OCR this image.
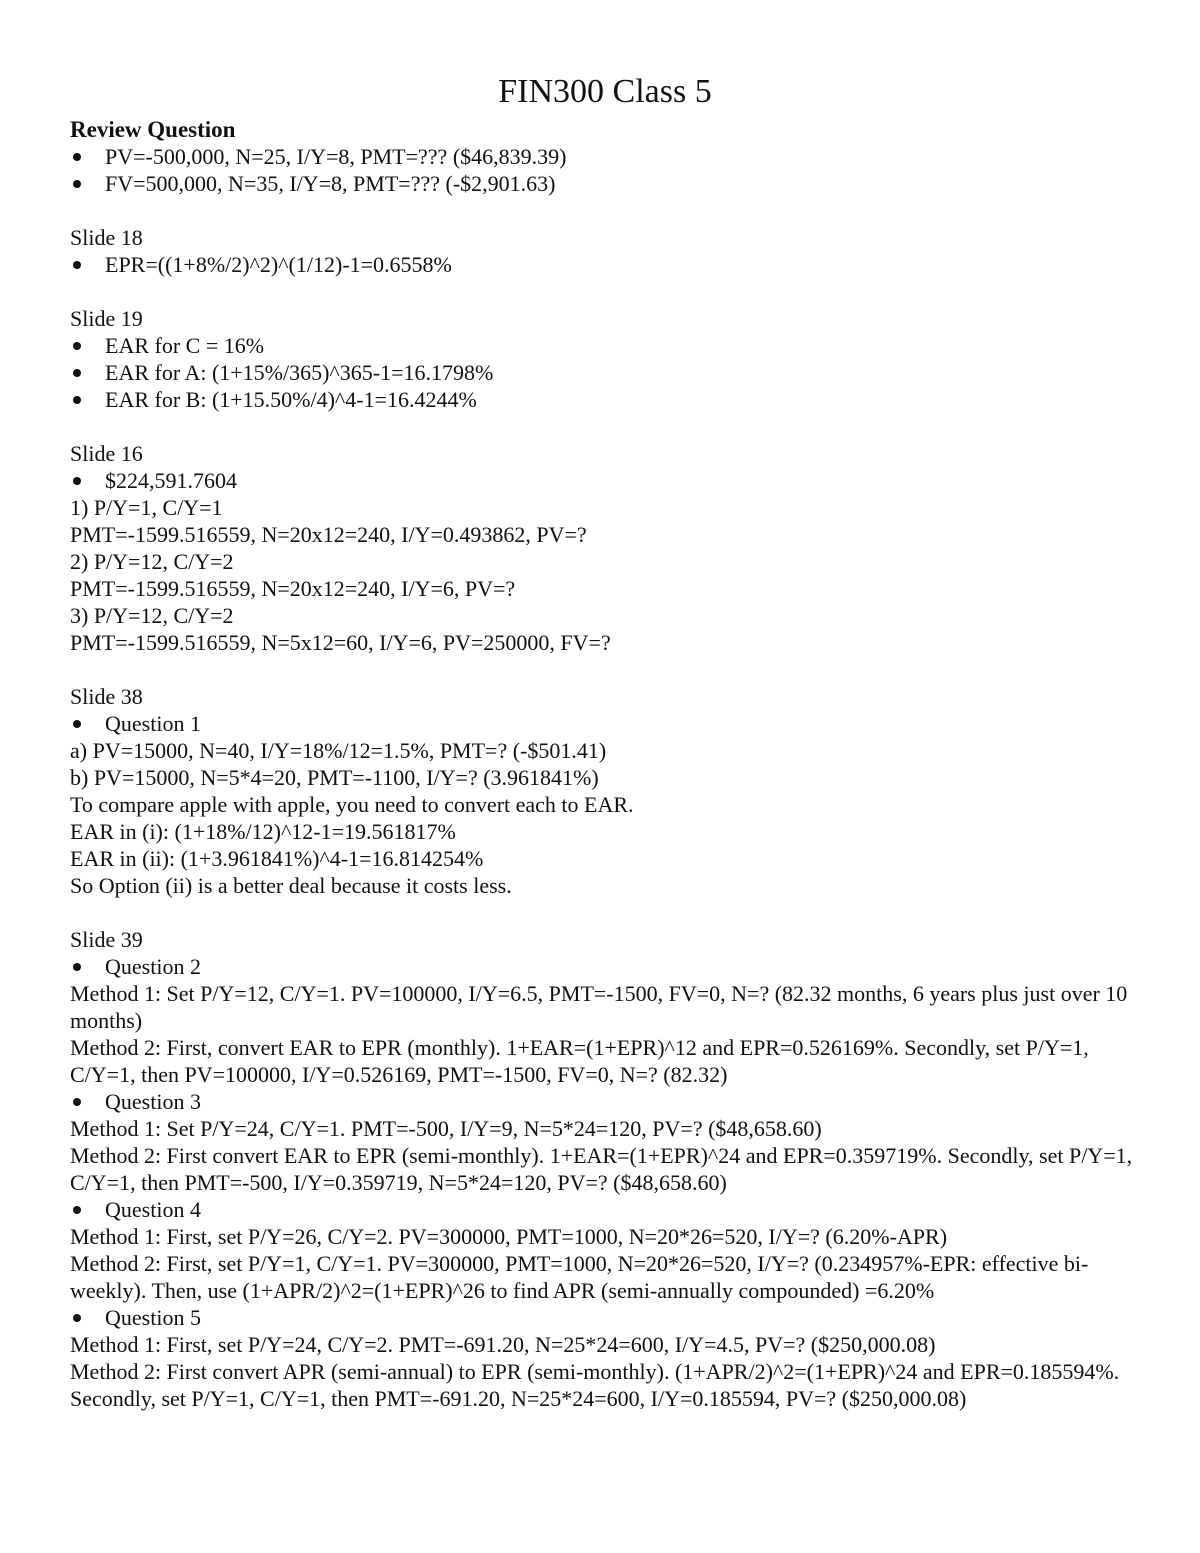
FIN300 Class 5

Review Question

PV=-500,000, N=25, I/Y=8, PMT=??? ($46,839.39)

FV=500,000, N=35, I/Y=8, PMT=??? (-$2,901.63)

Slide 18

EPR=((1+8%/2)^2)^(1/12)-1=0.6558%

Slide 19

EAR for C = 16%

EAR for A: (1+15%/365)^365-1=16.1798%

EAR for B: (1+15.50%/4)^4-1=16.4244%

Slide 16

$224,591.7604

1) P/Y=1, C/Y=1

PMT=-1599.516559, N=20x12=240, I/Y=0.493862, PV=?

2) P/Y=12, C/Y=2

PMT=-1599.516559, N=20x12=240, I/Y=6, PV=?

3) P/Y=12, C/Y=2

PMT=-1599.516559, N=5x12=60, I/Y=6, PV=250000, FV=?

Slide 38

Question 1

a) PV=15000, N=40, I/Y=18%/12=1.5%, PMT=? (-$501.41)

b) PV=15000, N=5*4=20, PMT=-1100, I/Y=? (3.961841%)

To compare apple with apple, you need to convert each to EAR.

EAR in (i): (1+18%/12)^12-1=19.561817%

EAR in (ii): (1+3.961841%)^4-1=16.814254%

So Option (ii) is a better deal because it costs less.

Slide 39

Question 2

Method 1: Set P/Y=12, C/Y=1. PV=100000, I/Y=6.5, PMT=-1500, FV=0, N=? (82.32 months, 6 years plus just over 10 months)

Method 2: First, convert EAR to EPR (monthly). 1+EAR=(1+EPR)^12 and EPR=0.526169%. Secondly, set P/Y=1, C/Y=1, then PV=100000, I/Y=0.526169, PMT=-1500, FV=0, N=? (82.32)

Question 3

Method 1: Set P/Y=24, C/Y=1. PMT=-500, I/Y=9, N=5*24=120, PV=? ($48,658.60)

Method 2: First convert EAR to EPR (semi-monthly). 1+EAR=(1+EPR)^24 and EPR=0.359719%. Secondly, set P/Y=1, C/Y=1, then PMT=-500, I/Y=0.359719, N=5*24=120, PV=? ($48,658.60)

Question 4

Method 1: First, set P/Y=26, C/Y=2. PV=300000, PMT=1000, N=20*26=520, I/Y=? (6.20%-APR)

Method 2: First, set P/Y=1, C/Y=1. PV=300000, PMT=1000, N=20*26=520, I/Y=? (0.234957%-EPR: effective bi-weekly). Then, use (1+APR/2)^2=(1+EPR)^26 to find APR (semi-annually compounded) =6.20%

Question 5

Method 1: First, set P/Y=24, C/Y=2. PMT=-691.20, N=25*24=600, I/Y=4.5, PV=? ($250,000.08)

Method 2: First convert APR (semi-annual) to EPR (semi-monthly). (1+APR/2)^2=(1+EPR)^24 and EPR=0.185594%. Secondly, set P/Y=1, C/Y=1, then PMT=-691.20, N=25*24=600, I/Y=0.185594, PV=? ($250,000.08)
